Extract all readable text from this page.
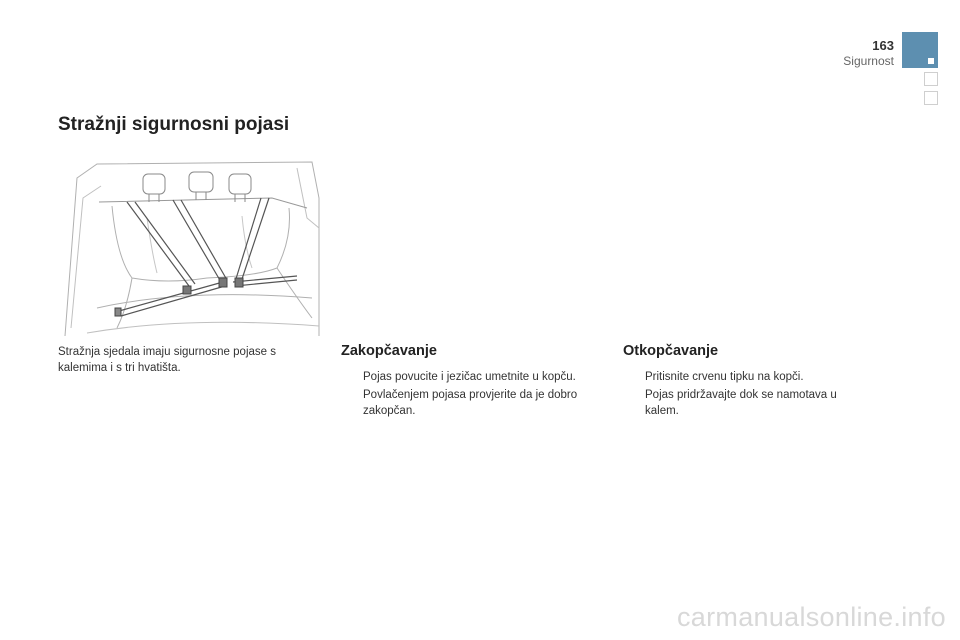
163
Sigurnost
Stražnji sigurnosni pojasi

Stražnja sjedala imaju sigurnosne pojase s kalemima i s tri hvatišta.

Zakopčavanje
Pojas povucite i jezičac umetnite u kopču.
Povlačenjem pojasa provjerite da je dobro zakopčan.
Otkopčavanje
Pritisnite crvenu tipku na kopči.
Pojas pridržavajte dok se namotava u kalem.
carmanualsonline.info
